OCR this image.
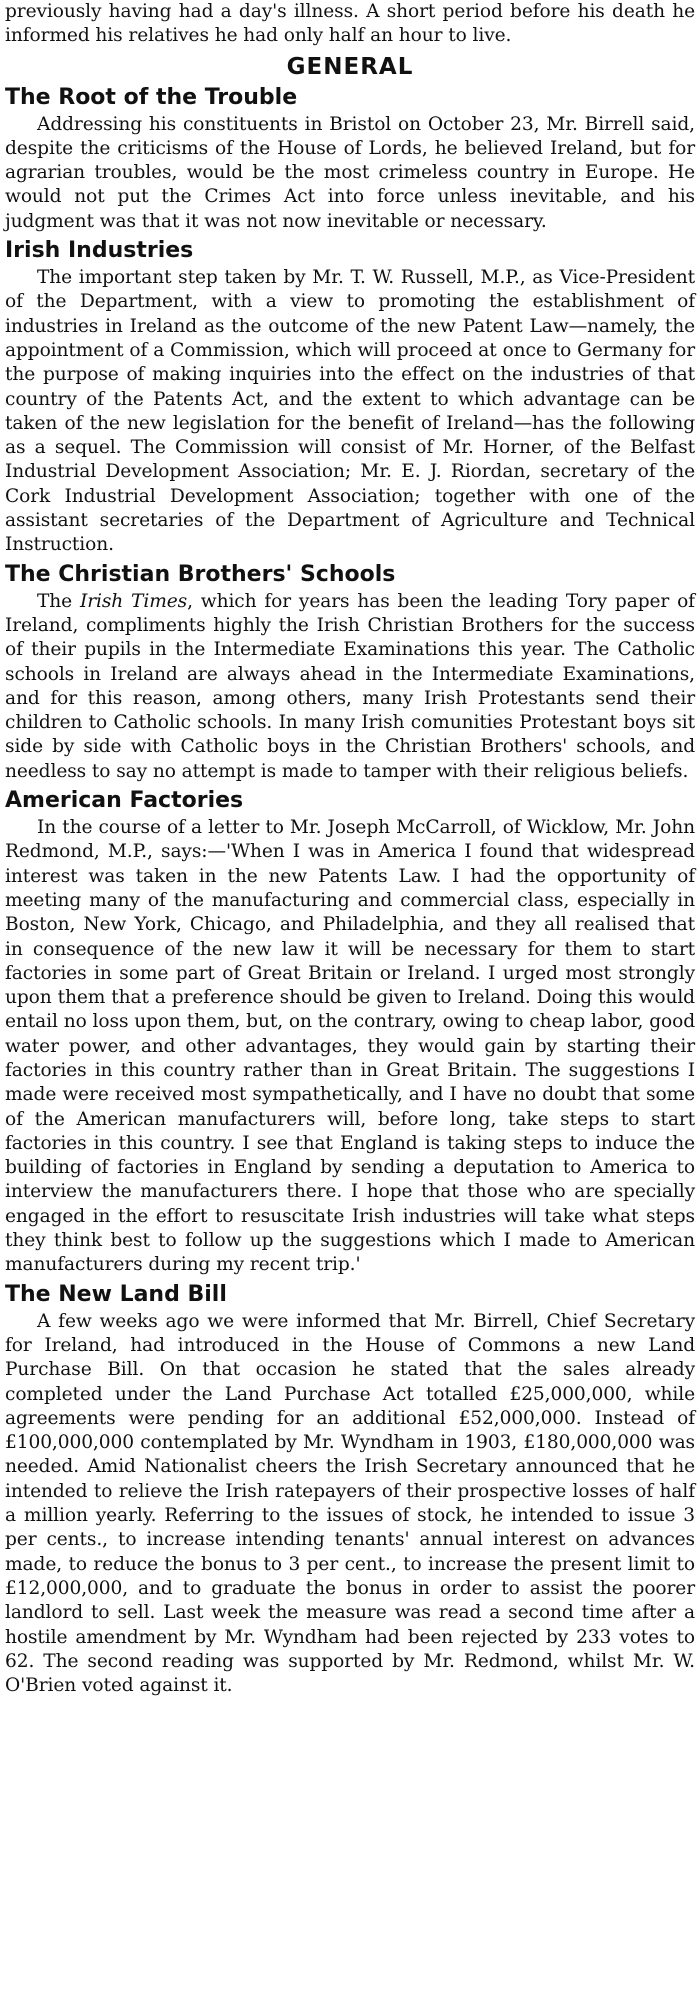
previously having had a day's illness. A short period before his death he informed his relatives he had only half an hour to live.

GENERAL
The Root of the Trouble

Addressing his constituents in Bristol on October 23, Mr. Birrell said, despite the criticisms of the House of Lords, he believed Ireland, but for agrarian troubles, would be the most crimeless country in Europe. He would not put the Crimes Act into force unless inevitable, and his judgment was that it was not now inevitable or necessary.

Irish Industries

The important step taken by Mr. T. W. Russell, M.P., as Vice-President of the Department, with a view to promoting the establishment of industries in Ireland as the outcome of the new Patent Law—namely, the appointment of a Commission, which will proceed at once to Germany for the purpose of making inquiries into the effect on the industries of that country of the Patents Act, and the extent to which advantage can be taken of the new legislation for the benefit of Ireland—has the following as a sequel. The Commission will consist of Mr. Horner, of the Belfast Industrial Development Association; Mr. E. J. Riordan, secretary of the Cork Industrial Development Association; together with one of the assistant secretaries of the Department of Agriculture and Technical Instruction.

The Christian Brothers' Schools

The Irish Times, which for years has been the leading Tory paper of Ireland, compliments highly the Irish Christian Brothers for the success of their pupils in the Intermediate Examinations this year. The Catholic schools in Ireland are always ahead in the Intermediate Examinations, and for this reason, among others, many Irish Protestants send their children to Catholic schools. In many Irish comunities Protestant boys sit side by side with Catholic boys in the Christian Brothers' schools, and needless to say no attempt is made to tamper with their religious beliefs.

American Factories

In the course of a letter to Mr. Joseph McCarroll, of Wicklow, Mr. John Redmond, M.P., says:—'When I was in America I found that widespread interest was taken in the new Patents Law. I had the opportunity of meeting many of the manufacturing and commercial class, especially in Boston, New York, Chicago, and Philadelphia, and they all realised that in consequence of the new law it will be necessary for them to start factories in some part of Great Britain or Ireland. I urged most strongly upon them that a preference should be given to Ireland. Doing this would entail no loss upon them, but, on the contrary, owing to cheap labor, good water power, and other advantages, they would gain by starting their factories in this country rather than in Great Britain. The suggestions I made were received most sympathetically, and I have no doubt that some of the American manufacturers will, before long, take steps to start factories in this country. I see that England is taking steps to induce the building of factories in England by sending a deputation to America to interview the manufacturers there. I hope that those who are specially engaged in the effort to resuscitate Irish industries will take what steps they think best to follow up the suggestions which I made to American manufacturers during my recent trip.'

The New Land Bill

A few weeks ago we were informed that Mr. Birrell, Chief Secretary for Ireland, had introduced in the House of Commons a new Land Purchase Bill. On that occasion he stated that the sales already completed under the Land Purchase Act totalled £25,000,000, while agreements were pending for an additional £52,000,000. Instead of £100,000,000 contemplated by Mr. Wyndham in 1903, £180,000,000 was needed. Amid Nationalist cheers the Irish Secretary announced that he intended to relieve the Irish ratepayers of their prospective losses of half a million yearly. Referring to the issues of stock, he intended to issue 3 per cents., to increase intending tenants' annual interest on advances made, to reduce the bonus to 3 per cent., to increase the present limit to £12,000,000, and to graduate the bonus in order to assist the poorer landlord to sell. Last week the measure was read a second time after a hostile amendment by Mr. Wyndham had been rejected by 233 votes to 62. The second reading was supported by Mr. Redmond, whilst Mr. W. O'Brien voted against it.
